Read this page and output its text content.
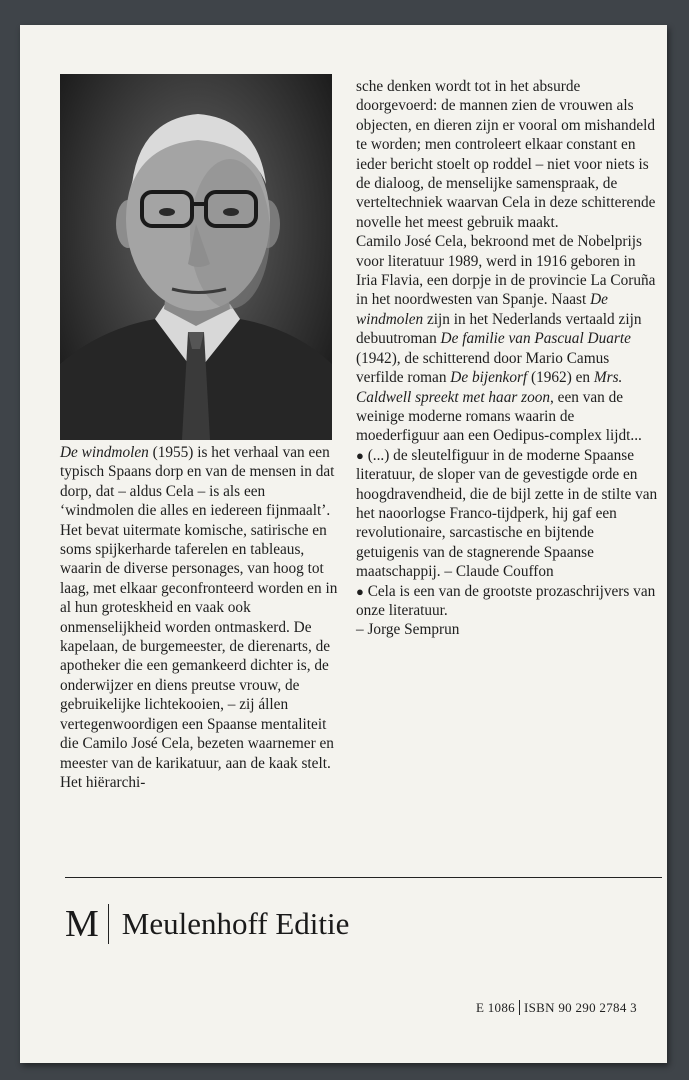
De windmolen (1955) is het verhaal van een typisch Spaans dorp en van de mensen in dat dorp, dat – aldus Cela – is als een ‘windmolen die alles en iedereen fijnmaalt’. Het bevat uitermate komische, satirische en soms spijkerharde taferelen en tableaus, waarin de diverse personages, van hoog tot laag, met elkaar geconfronteerd worden en in al hun groteskheid en vaak ook onmenselijkheid worden ontmaskerd. De kapelaan, de burgemeester, de dierenarts, de apotheker die een gemankeerd dichter is, de onderwijzer en diens preutse vrouw, de gebruikelijke lichtekooien, – zij állen vertegenwoordigen een Spaanse mentaliteit die Camilo José Cela, bezeten waarnemer en meester van de karikatuur, aan de kaak stelt. Het hiërarchi-

sche denken wordt tot in het absurde doorgevoerd: de mannen zien de vrouwen als objecten, en dieren zijn er vooral om mishandeld te worden; men controleert elkaar constant en ieder bericht stoelt op roddel – niet voor niets is de dialoog, de menselijke samenspraak, de verteltechniek waarvan Cela in deze schitterende novelle het meest gebruik maakt.

Camilo José Cela, bekroond met de Nobelprijs voor literatuur 1989, werd in 1916 geboren in Iria Flavia, een dorpje in de provincie La Coruña in het noordwesten van Spanje. Naast De windmolen zijn in het Nederlands vertaald zijn debuutroman De familie van Pascual Duarte (1942), de schitterend door Mario Camus verfilde roman De bijenkorf (1962) en Mrs. Caldwell spreekt met haar zoon, een van de weinige moderne romans waarin de moederfiguur aan een Oedipus-complex lijdt...

● (...) de sleutelfiguur in de moderne Spaanse literatuur, de sloper van de gevestigde orde en hoogdravendheid, die de bijl zette in de stilte van het naoorlogse Franco-tijdperk, hij gaf een revolutionaire, sarcastische en bijtende getuigenis van de stagnerende Spaanse maatschappij. – Claude Couffon

● Cela is een van de grootste prozaschrijvers van onze literatuur.

– Jorge Semprun

M Meulenhoff Editie
E 1086 ISBN 90 290 2784 3
